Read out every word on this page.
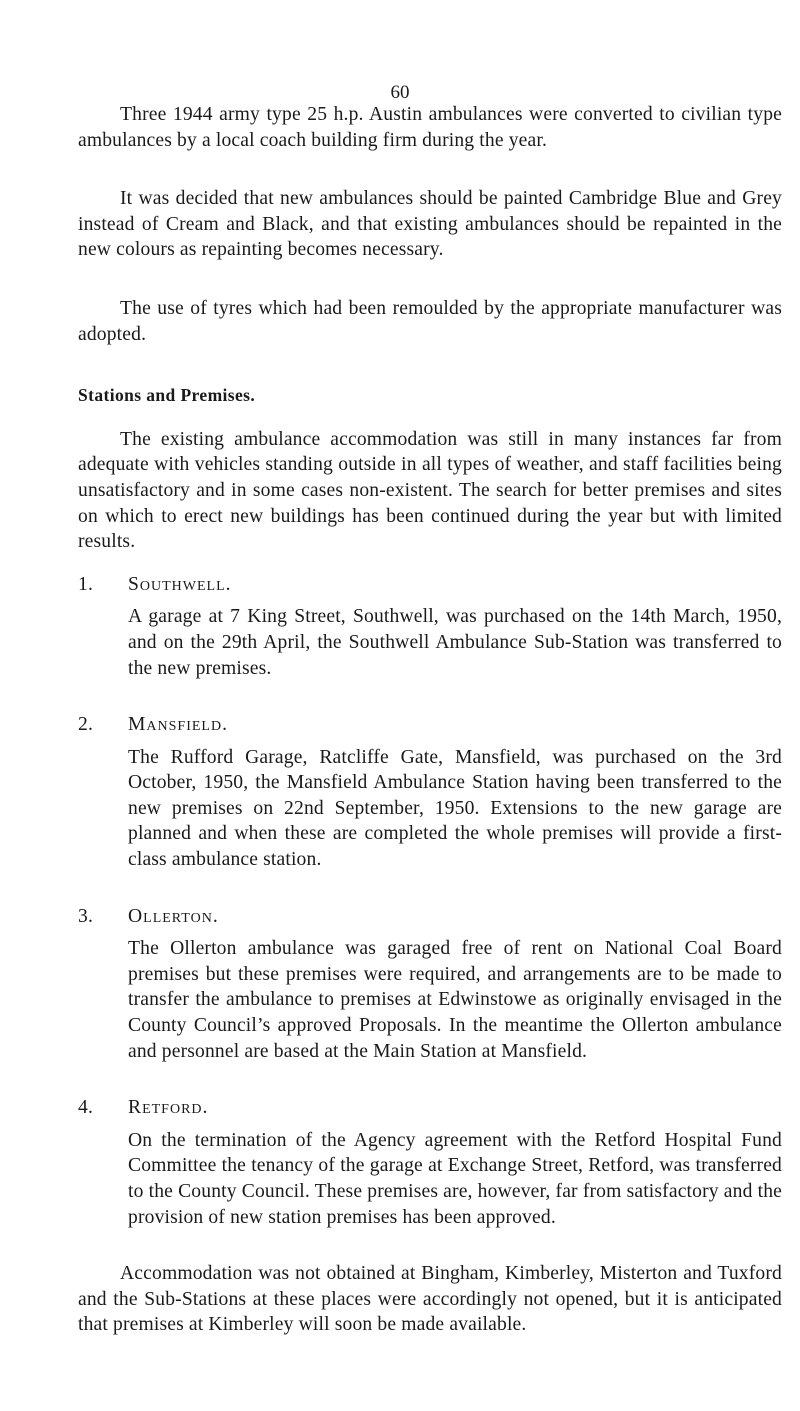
60

Three 1944 army type 25 h.p. Austin ambulances were converted to civilian type ambulances by a local coach building firm during the year.

It was decided that new ambulances should be painted Cambridge Blue and Grey instead of Cream and Black, and that existing ambulances should be repainted in the new colours as repainting becomes necessary.

The use of tyres which had been remoulded by the appropriate manufacturer was adopted.

Stations and Premises.

The existing ambulance accommodation was still in many instances far from adequate with vehicles standing outside in all types of weather, and staff facilities being unsatisfactory and in some cases non-existent. The search for better premises and sites on which to erect new buildings has been continued during the year but with limited results.

1.	Southwell.

A garage at 7 King Street, Southwell, was purchased on the 14th March, 1950, and on the 29th April, the Southwell Ambulance Sub-Station was transferred to the new premises.

2.	Mansfield.

The Rufford Garage, Ratcliffe Gate, Mansfield, was purchased on the 3rd October, 1950, the Mansfield Ambulance Station having been transferred to the new premises on 22nd September, 1950. Extensions to the new garage are planned and when these are completed the whole premises will provide a first-class ambulance station.

3.	Ollerton.

The Ollerton ambulance was garaged free of rent on National Coal Board premises but these premises were required, and arrangements are to be made to transfer the ambulance to premises at Edwinstowe as originally envisaged in the County Council’s approved Proposals. In the meantime the Ollerton ambulance and personnel are based at the Main Station at Mansfield.

4.	Retford.

On the termination of the Agency agreement with the Retford Hospital Fund Committee the tenancy of the garage at Exchange Street, Retford, was transferred to the County Council. These premises are, however, far from satisfactory and the provision of new station premises has been approved.

Accommodation was not obtained at Bingham, Kimberley, Misterton and Tuxford and the Sub-Stations at these places were accordingly not opened, but it is anticipated that premises at Kimberley will soon be made available.
